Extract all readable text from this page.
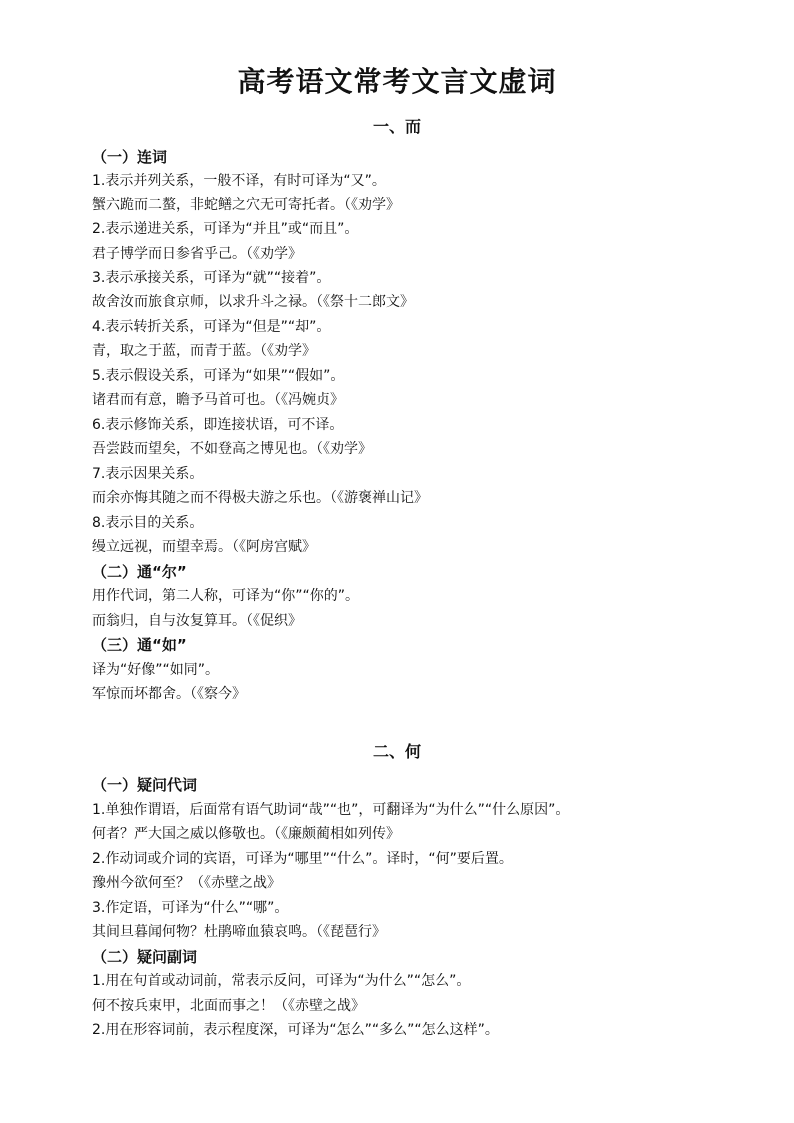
高考语文常考文言文虚词
一、而
（一）连词
1.表示并列关系，一般不译，有时可译为“又”。
蟹六跪而二螯，非蛇鳝之穴无可寄托者。（《劝学》
2.表示递进关系，可译为“并且”或“而且”。
君子博学而日参省乎己。（《劝学》
3.表示承接关系，可译为“就”“接着”。
故舍汝而旅食京师，以求升斗之禄。（《祭十二郎文》
4.表示转折关系，可译为“但是”“却”。
青，取之于蓝，而青于蓝。（《劝学》
5.表示假设关系，可译为“如果”“假如”。
诸君而有意，瞻予马首可也。（《冯婉贞》
6.表示修饰关系，即连接状语，可不译。
吾尝跂而望矣，不如登高之博见也。（《劝学》
7.表示因果关系。
而余亦悔其随之而不得极夫游之乐也。（《游褒禅山记》
8.表示目的关系。
缦立远视，而望幸焉。（《阿房宫赋》
（二）通“尔”
用作代词，第二人称，可译为“你”“你的”。
而翁归，自与汝复算耳。（《促织》
（三）通“如”
译为“好像”“如同”。
军惊而坏都舍。（《察今》
二、何
（一）疑问代词
1.单独作谓语，后面常有语气助词“哉”“也”，可翻译为“为什么”“什么原因”。
何者？严大国之威以修敬也。（《廉颇蔺相如列传》
2.作动词或介词的宾语，可译为“哪里”“什么”。译时，“何”要后置。
豫州今欲何至？（《赤壁之战》
3.作定语，可译为“什么”“哪”。
其间旦暮闻何物？杜鹃啼血猿哀鸣。（《琵琶行》
（二）疑问副词
1.用在句首或动词前，常表示反问，可译为“为什么”“怎么”。
何不按兵束甲，北面而事之！（《赤壁之战》
2.用在形容词前，表示程度深，可译为“怎么”“多么”“怎么这样”。
